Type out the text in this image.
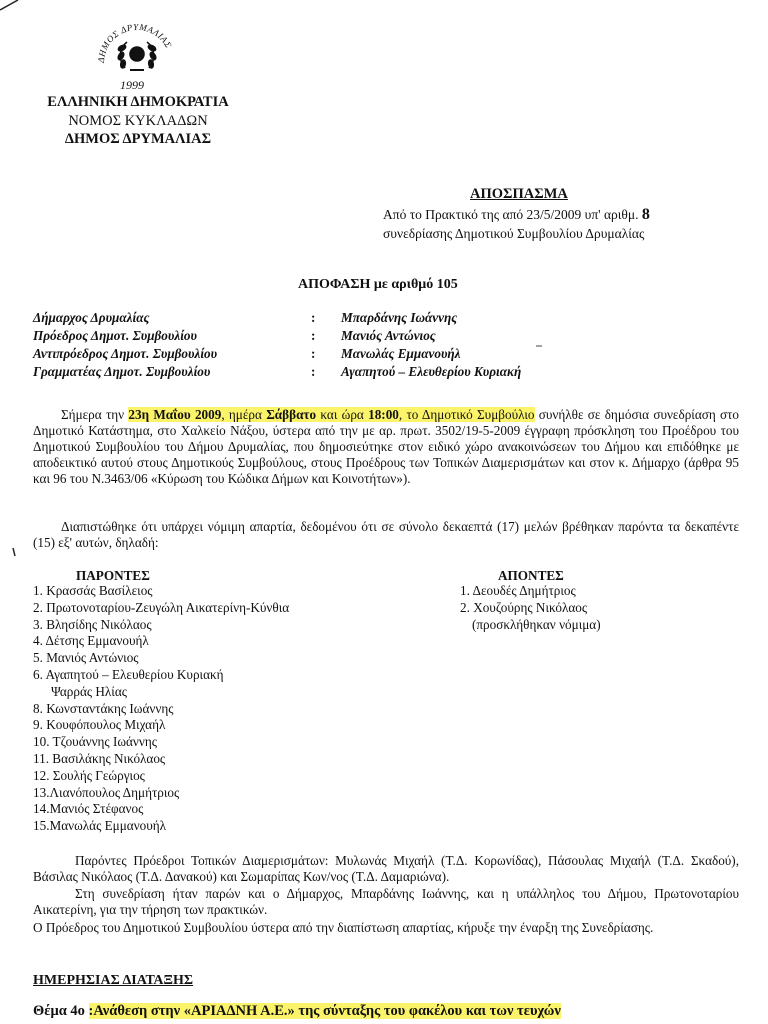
ΔΗΜΟΣ ΔΡΥΜΑΛΙΑΣ
1999
ΕΛΛΗΝΙΚΗ ΔΗΜΟΚΡΑΤΙΑ
ΝΟΜΟΣ ΚΥΚΛΑΔΩΝ
ΔΗΜΟΣ ΔΡΥΜΑΛΙΑΣ
ΑΠΟΣΠΑΣΜΑ
Από το Πρακτικό της από 23/5/2009 υπ' αριθμ. 8
συνεδρίασης Δημοτικού Συμβουλίου Δρυμαλίας
ΑΠΟΦΑΣΗ με αριθμό 105
Δήμαρχος Δρυμαλίας	: Μπαρδάνης Ιωάννης
Πρόεδρος Δημοτ. Συμβουλίου	: Μανιός Αντώνιος
Αντιπρόεδρος Δημοτ. Συμβουλίου	: Μανωλάς Εμμανουήλ
Γραμματέας Δημοτ. Συμβουλίου	: Αγαπητού – Ελευθερίου Κυριακή
Σήμερα την 23η Μαΐου 2009, ημέρα Σάββατο και ώρα 18:00, το Δημοτικό Συμβούλιο συνήλθε σε δημόσια συνεδρίαση στο Δημοτικό Κατάστημα, στο Χαλκείο Νάξου, ύστερα από την με αρ. πρωτ. 3502/19-5-2009 έγγραφη πρόσκληση του Προέδρου του Δημοτικού Συμβουλίου του Δήμου Δρυμαλίας, που δημοσιεύτηκε στον ειδικό χώρο ανακοινώσεων του Δήμου και επιδόθηκε με αποδεικτικό αυτού στους Δημοτικούς Συμβούλους, στους Προέδρους των Τοπικών Διαμερισμάτων και στον κ. Δήμαρχο (άρθρα 95 και 96 του Ν.3463/06 «Κύρωση του Κώδικα Δήμων και Κοινοτήτων»).
Διαπιστώθηκε ότι υπάρχει νόμιμη απαρτία, δεδομένου ότι σε σύνολο δεκαεπτά (17) μελών βρέθηκαν παρόντα τα δεκαπέντε (15) εξ' αυτών, δηλαδή:
ΠΑΡΟΝΤΕΣ
1. Κρασσάς Βασίλειος
2. Πρωτονοταρίου-Ζευγώλη Αικατερίνη-Κύνθια
3. Βλησίδης Νικόλαος
4. Δέτσης Εμμανουήλ
5. Μανιός Αντώνιος
6. Αγαπητού – Ελευθερίου Κυριακή
Ψαρράς Ηλίας
8. Κωνσταντάκης Ιωάννης
9. Κουφόπουλος Μιχαήλ
10. Τζουάννης Ιωάννης
11. Βασιλάκης Νικόλαος
12. Σουλής Γεώργιος
13.Λιανόπουλος Δημήτριος
14.Μανιός Στέφανος
15.Μανωλάς Εμμανουήλ
ΑΠΟΝΤΕΣ
1. Δεουδές Δημήτριος
2. Χουζούρης Νικόλαος
(προσκλήθηκαν νόμιμα)
Παρόντες Πρόεδροι Τοπικών Διαμερισμάτων: Μυλωνάς Μιχαήλ (Τ.Δ. Κορωνίδας), Πάσουλας Μιχαήλ (Τ.Δ. Σκαδού), Βάσιλας Νικόλαος (Τ.Δ. Δανακού) και Σωμαρίπας Κων/νος (Τ.Δ. Δαμαριώνα).
Στη συνεδρίαση ήταν παρών και ο Δήμαρχος, Μπαρδάνης Ιωάννης, και η υπάλληλος του Δήμου, Πρωτονοταρίου Αικατερίνη, για την τήρηση των πρακτικών.
Ο Πρόεδρος του Δημοτικού Συμβουλίου ύστερα από την διαπίστωση απαρτίας, κήρυξε την έναρξη της Συνεδρίασης.
ΗΜΕΡΗΣΙΑΣ ΔΙΑΤΑΞΗΣ
Θέμα 4ο :Ανάθεση στην «ΑΡΙΑΔΝΗ Α.Ε.» της σύνταξης του φακέλου και των τευχών
